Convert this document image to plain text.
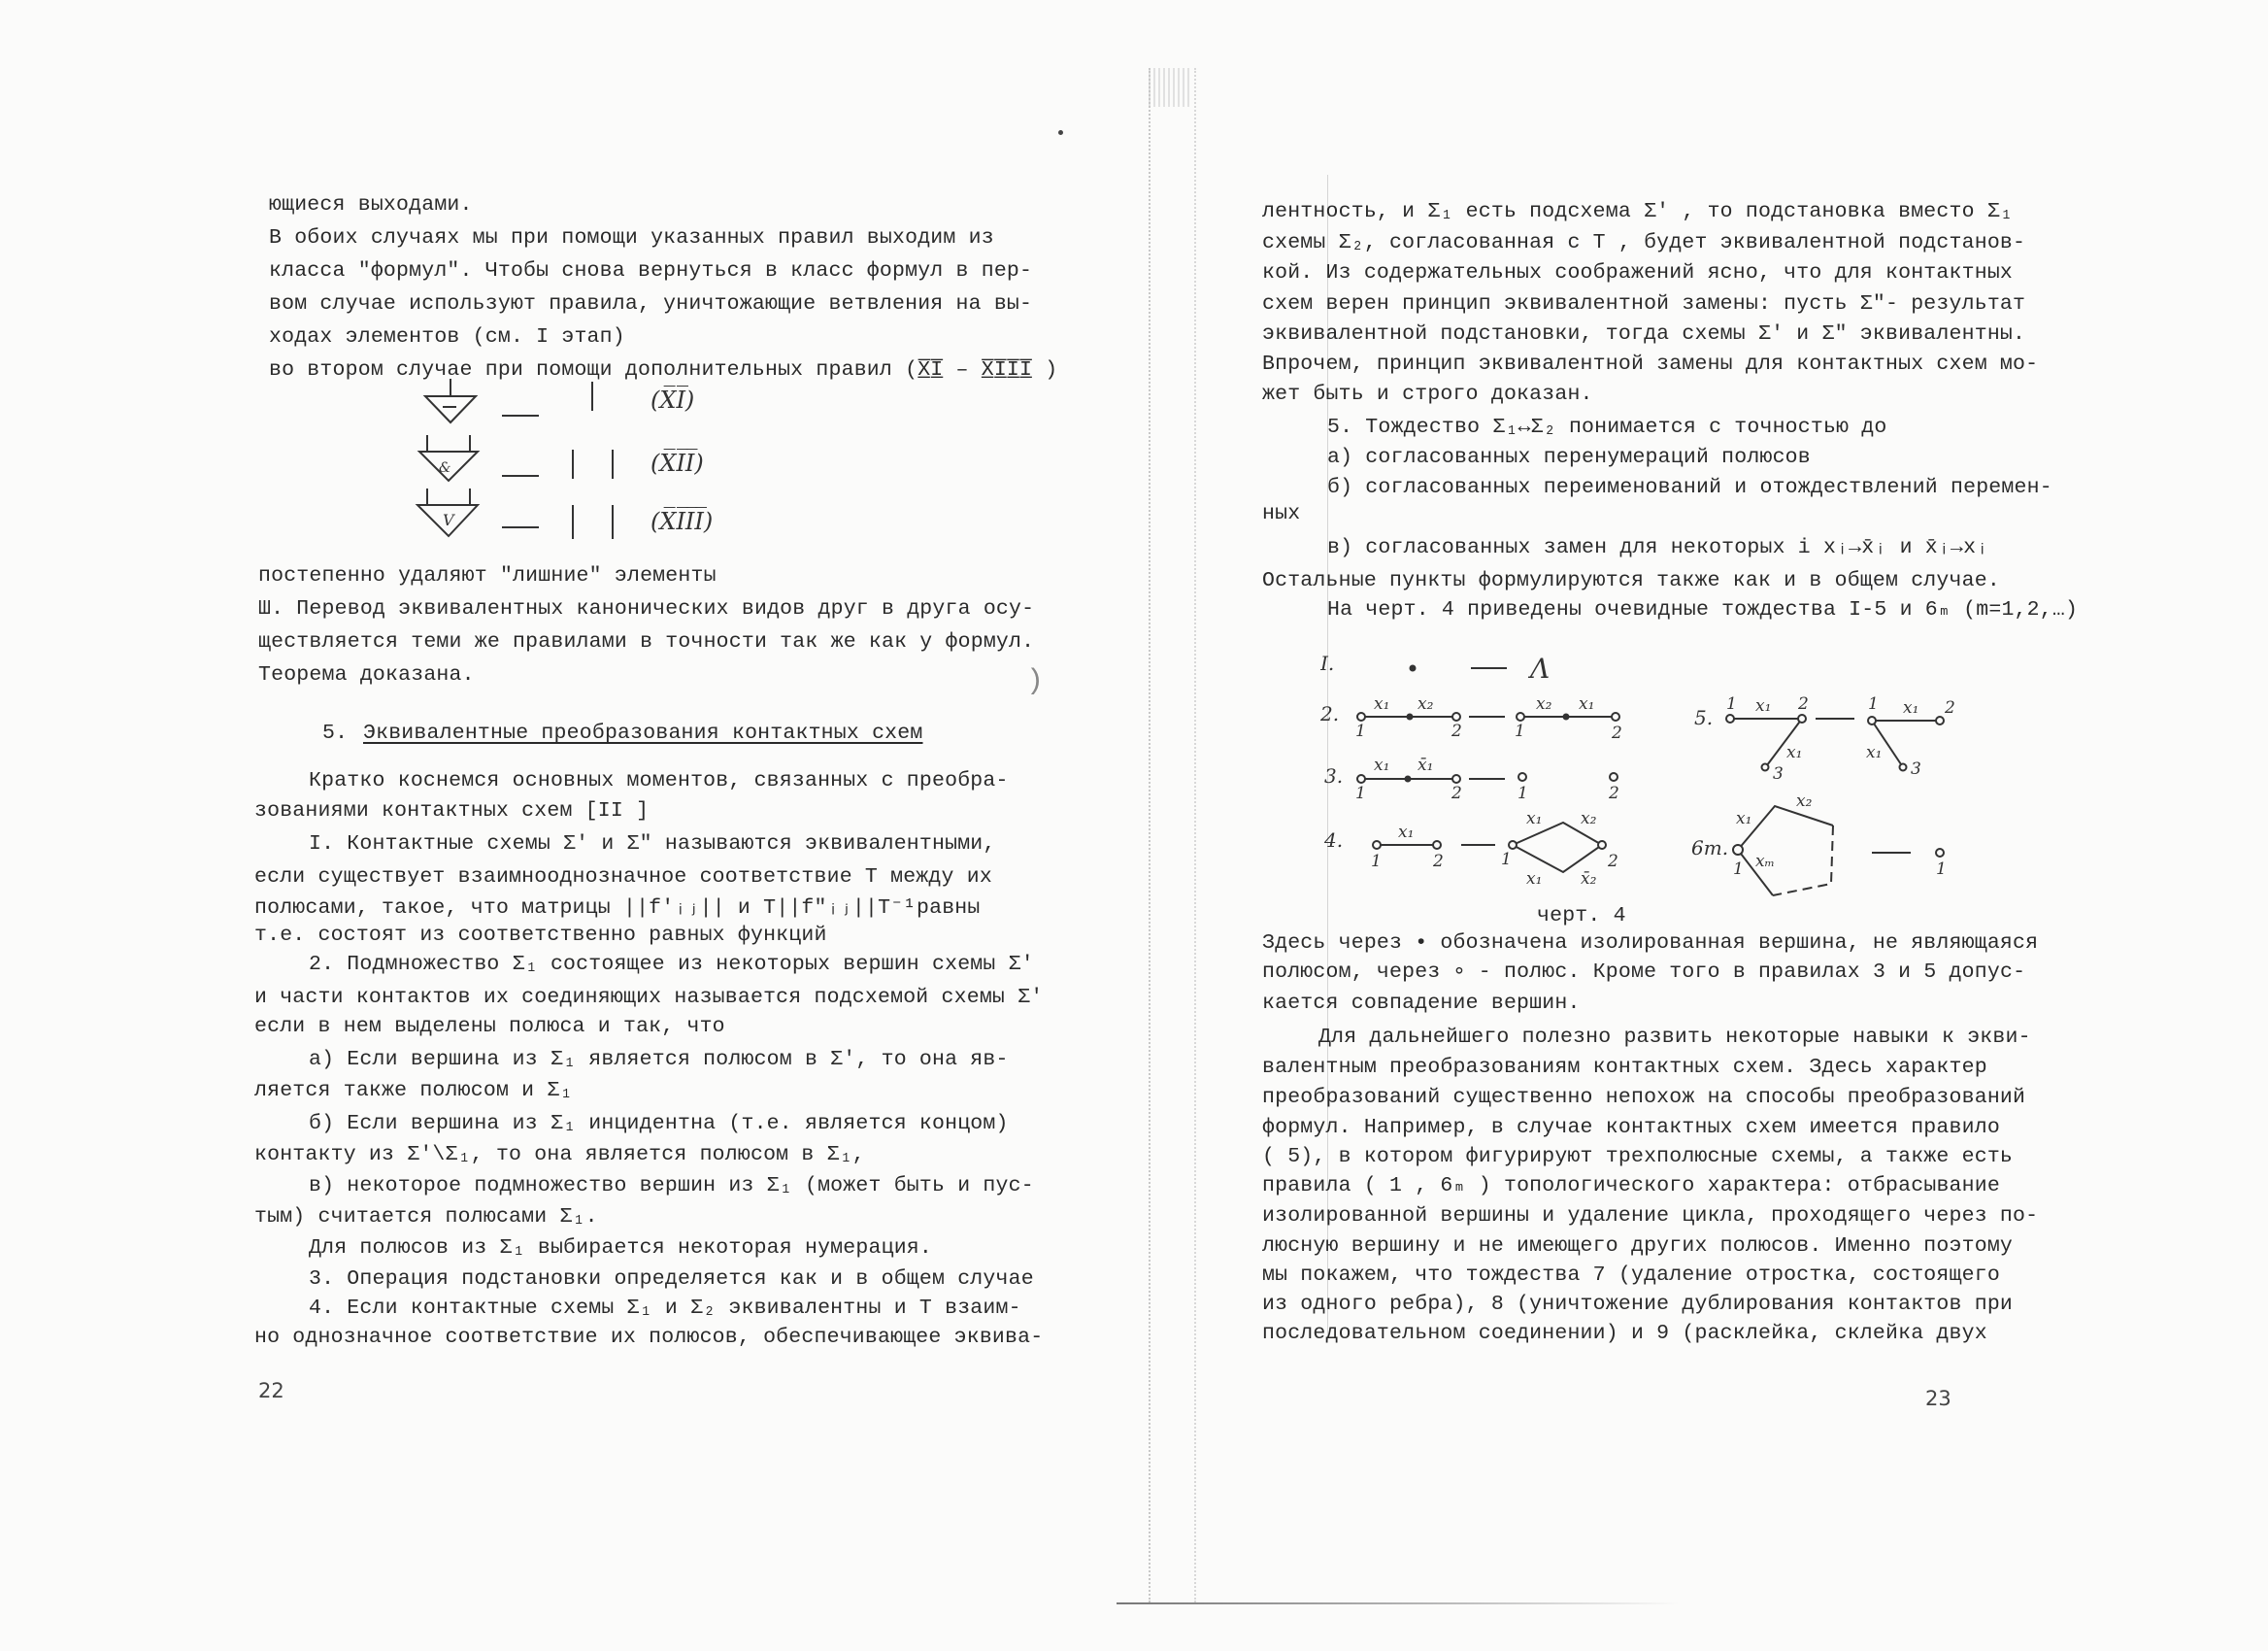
)
ющиеся выходами.
В обоих случаях мы при помощи указанных правил выходим из
класса "формул". Чтобы снова вернуться в класс формул в пер-
вом случае используют правила, уничтожающие ветвления на вы-
ходах элементов (см. I этап)
во втором случае при помощи дополнительных правил (X̲̅I̲̅ – X̲̅I̲̅I̲̅I̲̅ )
&
V
(X̅I̅)
(X̅I̅I̅)
(X̅I̅I̅I̅)
постепенно удаляют "лишние" элементы
Ш. Перевод эквивалентных канонических видов друг в друга осу-
ществляется теми же правилами в точности так же как у формул.
Теорема доказана.
5. Эквивалентные преобразования контактных схем
Кратко коснемся основных моментов, связанных с преобра-
зованиями контактных схем [II ]
I. Контактные схемы Σ' и Σ" называются эквивалентными,
если существует взаимнооднозначное соответствие T между их
полюсами, такое, что матрицы ||f'ᵢⱼ|| и T||f"ᵢⱼ||T⁻¹ равны
т.е. состоят из соответственно равных функций
2. Подмножество Σ₁ состоящее из некоторых вершин схемы Σ'
и части контактов их соединяющих называется подсхемой схемы Σ'
если в нем выделены полюса и так, что
а) Если вершина из Σ₁ является полюсом в Σ', то она яв-
ляется также полюсом и Σ₁
б) Если вершина из Σ₁ инцидентна (т.е. является концом)
контакту из Σ'\Σ₁, то она является полюсом в Σ₁,
в) некоторое подмножество вершин из Σ₁ (может быть и пус-
тым) считается полюсами Σ₁.
Для полюсов из Σ₁ выбирается некоторая нумерация.
3. Операция подстановки определяется как и в общем случае
4. Если контактные схемы Σ₁ и Σ₂ эквивалентны и T взаим-
но однозначное соответствие их полюсов, обеспечивающее эквива-
22
лентность, и Σ₁ есть подсхема Σ' , то подстановка вместо Σ₁
схемы Σ₂, согласованная с T , будет эквивалентной подстанов-
кой. Из содержательных соображений ясно, что для контактных
схем верен принцип эквивалентной замены: пусть Σ"- результат
эквивалентной подстановки, тогда схемы Σ' и Σ" эквивалентны.
Впрочем, принцип эквивалентной замены для контактных схем мо-
жет быть и строго доказан.
5. Тождество Σ₁↔Σ₂ понимается с точностью до
а) согласованных перенумераций полюсов
б) согласованных переименований и отождествлений перемен-
ных
в) согласованных замен для некоторых i xᵢ→x̄ᵢ и x̄ᵢ→xᵢ
Остальные пункты формулируются также как и в общем случае.
На черт. 4 приведены очевидные тождества I-5 и 6ₘ (m=1,2,…)
I.
2.
3.
4.
5.
6m.
Λ
x₁ x₂
1	2
x₂ x₁
1	2
x₁ x̄₁
1	2	1	2
x₁
1	2
x₁ x₂
x₁ x̄₂
1	2
1 x₁ 2
x₁
3
1 x₁ 2
x₁
3
x₁
x₂
xₘ
1	1
черт. 4
Здесь через • обозначена изолированная вершина, не являющаяся
полюсом, через ∘ - полюс. Кроме того в правилах 3 и 5 допус-
кается совпадение вершин.
Для дальнейшего полезно развить некоторые навыки к экви-
валентным преобразованиям контактных схем. Здесь характер
преобразований существенно непохож на способы преобразований
формул. Например, в случае контактных схем имеется правило
( 5), в котором фигурируют трехполюсные схемы, а также есть
правила ( 1 , 6ₘ ) топологического характера: отбрасывание
изолированной вершины и удаление цикла, проходящего через по-
люсную вершину и не имеющего других полюсов. Именно поэтому
мы покажем, что тождества 7 (удаление отростка, состоящего
из одного ребра), 8 (уничтожение дублирования контактов при
последовательном соединении) и 9 (расклейка, склейка двух
23
